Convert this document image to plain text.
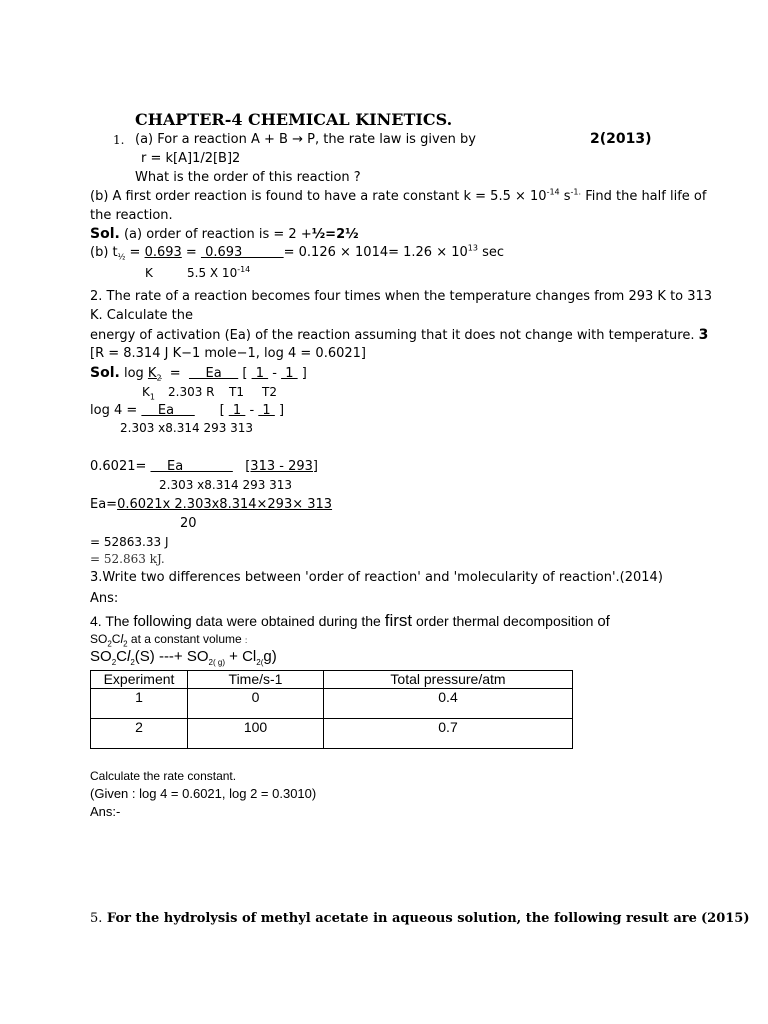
CHAPTER-4 CHEMICAL KINETICS.
1. (a) For a reaction A + B → P, the rate law is given by	2(2013)
r = k[A]1/2[B]2
What is the order of this reaction ?
(b) A first order reaction is found to have a rate constant $k = 5.5 \times 10^{-14}$ $s^{-1.}$ Find the half life of
the reaction.
Sol. (a) order of reaction is = 2 +½=2½
(b) $t_{\frac{1}{2}} = 0.693 = 0.693$          = $0.126 \times 1014= 1.26 \times 10^{13}$ sec
K	5.5 X $10^{-14}$
2. The rate of a reaction becomes four times when the temperature changes from 293 K to 313
K. Calculate the
energy of activation (Ea) of the reaction assuming that it does not change with temperature. 3
[R = 8.314 J K−1 mole−1, log 4 = 0.6021]
Sol. $\log K_2$  =      Ea     [  1  -  1  ]
$K_1$ 2.303 R T1 T2
log 4 =     Ea           [  1  -  1  ]
2.303 x8.314 293 313
0.6021=     Ea               [313 - 293]
2.303 x8.314 293 313
Ea=0.6021x 2.303x8.314×293× 313
20
= 52863.33 J
= 52.863 kJ.
3.Write two differences between 'order of reaction' and 'molecularity of reaction'.(2014)
Ans:
4. The following data were obtained during the first order thermal decomposition of
$SO_2Cl_2$ at a constant volume :
$SO_2Cl_2(S)$ ---+ $SO_{2( g)} + Cl_{2(}g$)
Experiment	Time/s-1	Total pressure/atm
1	0	0.4
2	100	0.7
Calculate the rate constant.
(Given : log 4 = 0.6021, log 2 = 0.3010)
Ans:-
5. For the hydrolysis of methyl acetate in aqueous solution, the following result are (2015)
